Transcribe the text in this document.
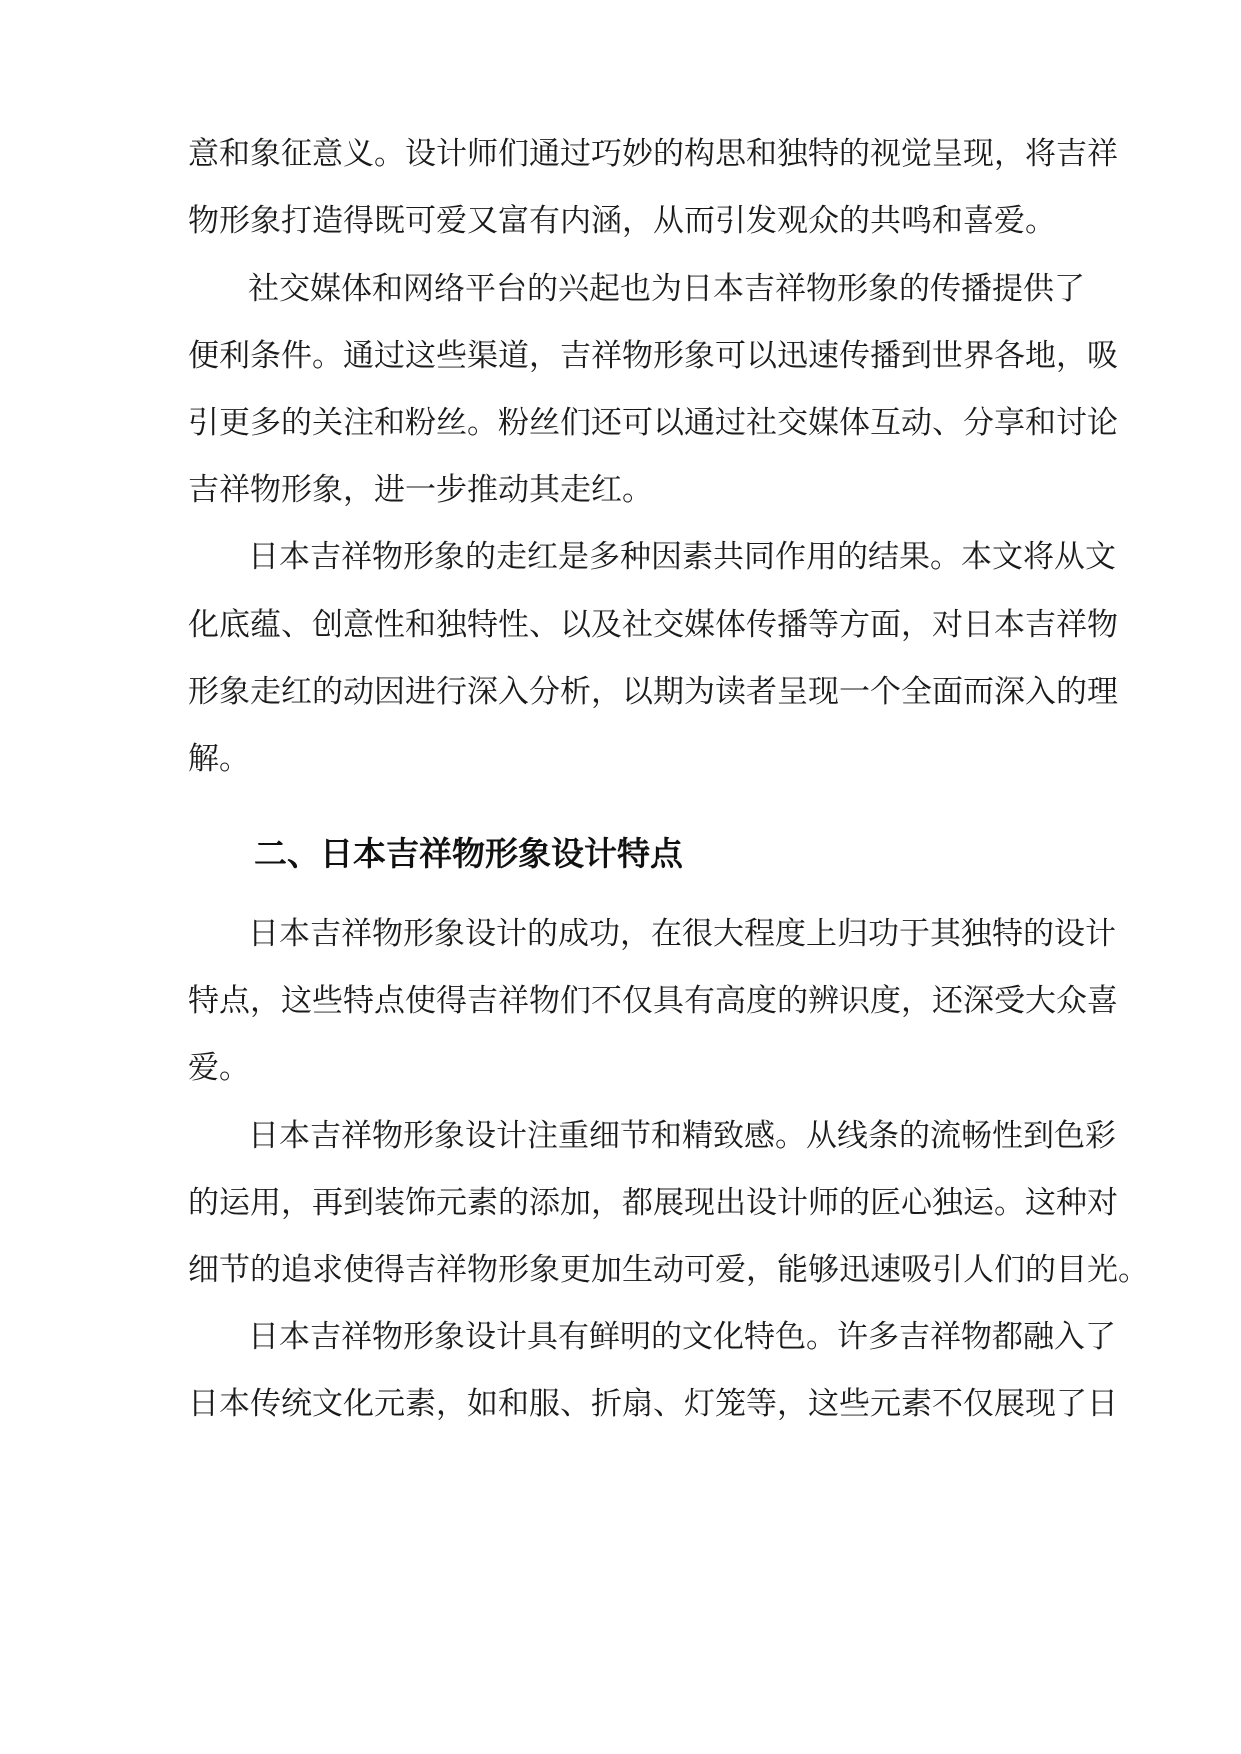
意和象征意义。设计师们通过巧妙的构思和独特的视觉呈现，将吉祥
物形象打造得既可爱又富有内涵，从而引发观众的共鸣和喜爱。
社交媒体和网络平台的兴起也为日本吉祥物形象的传播提供了
便利条件。通过这些渠道，吉祥物形象可以迅速传播到世界各地，吸
引更多的关注和粉丝。粉丝们还可以通过社交媒体互动、分享和讨论
吉祥物形象，进一步推动其走红。
日本吉祥物形象的走红是多种因素共同作用的结果。本文将从文
化底蕴、创意性和独特性、以及社交媒体传播等方面，对日本吉祥物
形象走红的动因进行深入分析，以期为读者呈现一个全面而深入的理
解。
二、日本吉祥物形象设计特点
日本吉祥物形象设计的成功，在很大程度上归功于其独特的设计
特点，这些特点使得吉祥物们不仅具有高度的辨识度，还深受大众喜
爱。
日本吉祥物形象设计注重细节和精致感。从线条的流畅性到色彩
的运用，再到装饰元素的添加，都展现出设计师的匠心独运。这种对
细节的追求使得吉祥物形象更加生动可爱，能够迅速吸引人们的目光。
日本吉祥物形象设计具有鲜明的文化特色。许多吉祥物都融入了
日本传统文化元素，如和服、折扇、灯笼等，这些元素不仅展现了日
